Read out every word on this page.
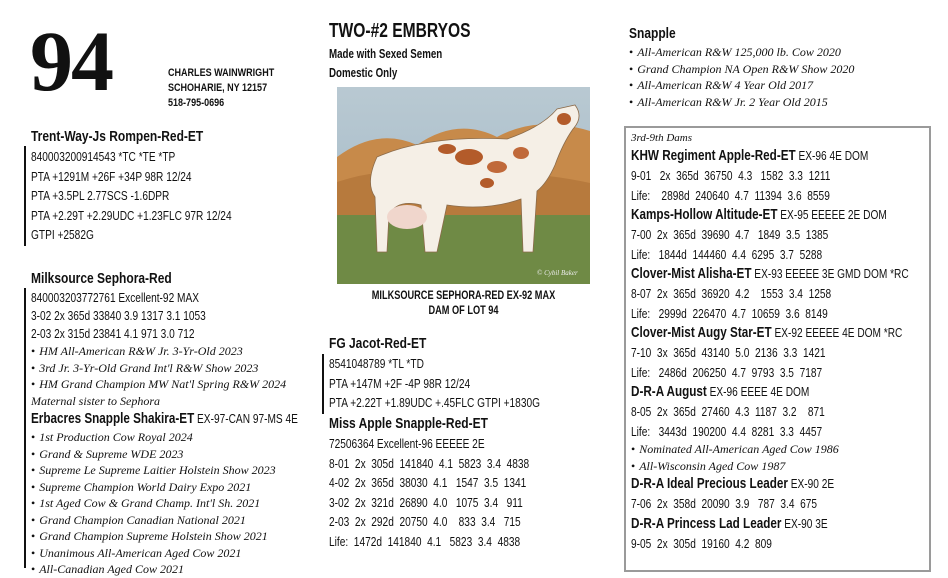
94	CHARLES WAINWRIGHT
SCHOHARIE, NY 12157
518-795-0696
TWO-#2 EMBRYOS
Made with Sexed Semen
Domestic Only
© Cybil Baker
MILKSOURCE SEPHORA-RED EX-92 MAX
DAM OF LOT 94
Trent-Way-Js Rompen-Red-ET
840003200914543 *TC *TE *TP
PTA +1291M +26F +34P 98R 12/24
PTA +3.5PL 2.77SCS -1.6DPR
PTA +2.29T +2.29UDC +1.23FLC 97R 12/24
GTPI +2582G
Milksource Sephora-Red
840003203772761 Excellent-92 MAX
3-02 2x 365d 33840 3.9 1317 3.1 1053
2-03 2x 315d 23841 4.1 971 3.0 712
• HM All-American R&W Jr. 3-Yr-Old 2023
• 3rd Jr. 3-Yr-Old Grand Int'l R&W Show 2023
• HM Grand Champion MW Nat'l Spring R&W 2024
Maternal sister to Sephora
Erbacres Snapple Shakira-ET EX-97-CAN 97-MS 4E
• 1st Production Cow Royal 2024
• Grand & Supreme WDE 2023
• Supreme Le Supreme Laitier Holstein Show 2023
• Supreme Champion World Dairy Expo 2021
• 1st Aged Cow & Grand Champ. Int'l Sh. 2021
• Grand Champion Canadian National 2021
• Grand Champion Supreme Holstein Show 2021
• Unanimous All-American Aged Cow 2021
• All-Canadian Aged Cow 2021
FG Jacot-Red-ET
8541048789 *TL *TD
PTA +147M +2F -4P 98R 12/24
PTA +2.22T +1.89UDC +.45FLC GTPI +1830G
Miss Apple Snapple-Red-ET
72506364 Excellent-96 EEEEE 2E
8-01  2x  305d  141840  4.1  5823  3.4  4838
4-02  2x  365d  38030  4.1   1547  3.5  1341
3-02  2x  321d  26890  4.0   1075  3.4   911
2-03  2x  292d  20750  4.0    833  3.4   715
Life:  1472d  141840  4.1   5823  3.4  4838
Snapple
• All-American R&W 125,000 lb. Cow 2020
• Grand Champion NA Open R&W Show 2020
• All-American R&W 4 Year Old 2017
• All-American R&W Jr. 2 Year Old 2015
3rd-9th Dams
KHW Regiment Apple-Red-ET EX-96 4E DOM
9-01   2x  365d  36750  4.3   1582  3.3  1211
Life:    2898d  240640  4.7  11394  3.6  8559
Kamps-Hollow Altitude-ET EX-95 EEEEE 2E DOM
7-00  2x  365d  39690  4.7   1849  3.5  1385
Life:   1844d  144460  4.4  6295  3.7  5288
Clover-Mist Alisha-ET EX-93 EEEEE 3E GMD DOM *RC
8-07  2x  365d  36920  4.2    1553  3.4  1258
Life:   2999d  226470  4.7  10659  3.6  8149
Clover-Mist Augy Star-ET EX-92 EEEEE 4E DOM *RC
7-10  3x  365d  43140  5.0  2136  3.3  1421
Life:   2486d  206250  4.7  9793  3.5  7187
D-R-A August EX-96 EEEE 4E DOM
8-05  2x  365d  27460  4.3  1187  3.2    871
Life:   3443d  190200  4.4  8281  3.3  4457
• Nominated All-American Aged Cow 1986
• All-Wisconsin Aged Cow 1987
D-R-A Ideal Precious Leader EX-90 2E
7-06  2x  358d  20090  3.9   787  3.4  675
D-R-A Princess Lad Leader EX-90 3E
9-05  2x  305d  19160  4.2  809
